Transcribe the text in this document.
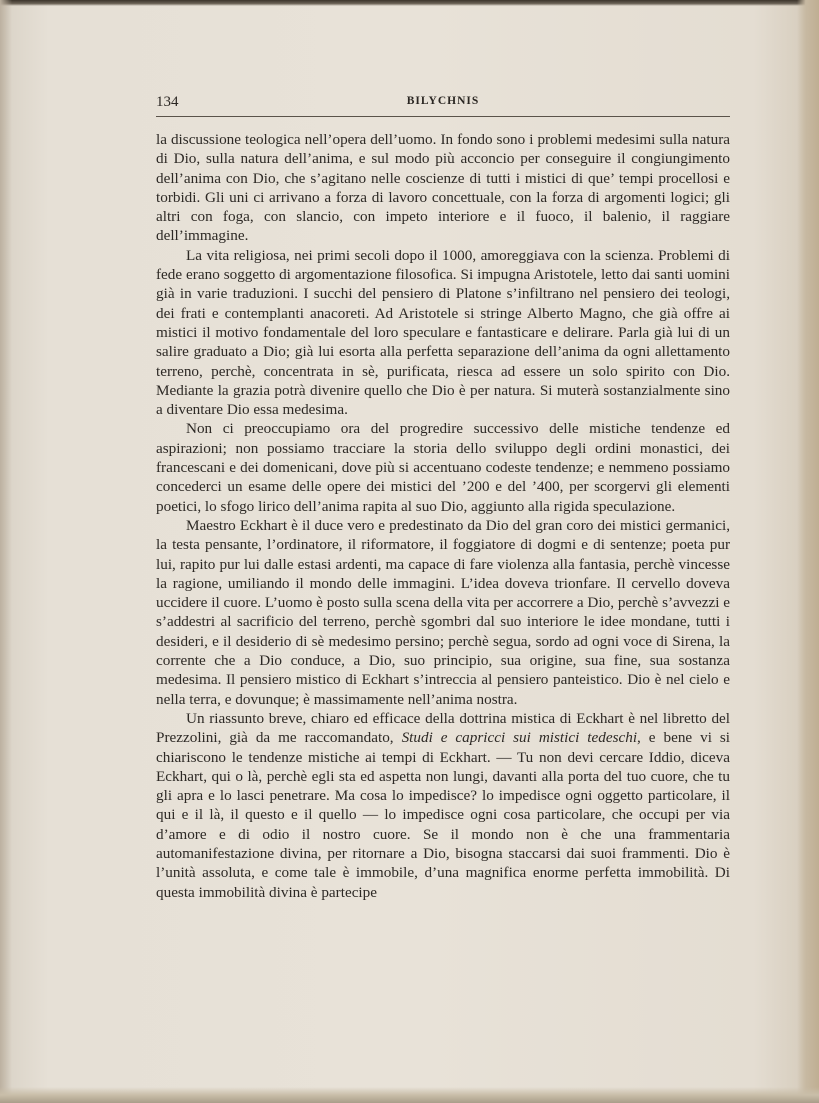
134	BILYCHNIS

la discussione teologica nell’opera dell’uomo. In fondo sono i problemi medesimi sulla natura di Dio, sulla natura dell’anima, e sul modo più acconcio per conseguire il congiungimento dell’anima con Dio, che s’agitano nelle coscienze di tutti i mistici di que’ tempi procellosi e torbidi. Gli uni ci arrivano a forza di lavoro concettuale, con la forza di argomenti logici; gli altri con foga, con slancio, con impeto interiore e il fuoco, il balenio, il raggiare dell’immagine.

La vita religiosa, nei primi secoli dopo il 1000, amoreggiava con la scienza. Problemi di fede erano soggetto di argomentazione filosofica. Si impugna Aristotele, letto dai santi uomini già in varie traduzioni. I succhi del pensiero di Platone s’infiltrano nel pensiero dei teologi, dei frati e contemplanti anacoreti. Ad Aristotele si stringe Alberto Magno, che già offre ai mistici il motivo fondamentale del loro speculare e fantasticare e delirare. Parla già lui di un salire graduato a Dio; già lui esorta alla perfetta separazione dell’anima da ogni allettamento terreno, perchè, concentrata in sè, purificata, riesca ad essere un solo spirito con Dio. Mediante la grazia potrà divenire quello che Dio è per natura. Si muterà sostanzialmente sino a diventare Dio essa medesima.

Non ci preoccupiamo ora del progredire successivo delle mistiche tendenze ed aspirazioni; non possiamo tracciare la storia dello sviluppo degli ordini monastici, dei francescani e dei domenicani, dove più si accentuano codeste tendenze; e nemmeno possiamo concederci un esame delle opere dei mistici del ’200 e del ’400, per scorgervi gli elementi poetici, lo sfogo lirico dell’anima rapita al suo Dio, aggiunto alla rigida speculazione.

Maestro Eckhart è il duce vero e predestinato da Dio del gran coro dei mistici germanici, la testa pensante, l’ordinatore, il riformatore, il foggiatore di dogmi e di sentenze; poeta pur lui, rapito pur lui dalle estasi ardenti, ma capace di fare violenza alla fantasia, perchè vincesse la ragione, umiliando il mondo delle immagini. L’idea doveva trionfare. Il cervello doveva uccidere il cuore. L’uomo è posto sulla scena della vita per accorrere a Dio, perchè s’avvezzi e s’addestri al sacrificio del terreno, perchè sgombri dal suo interiore le idee mondane, tutti i desideri, e il desiderio di sè medesimo persino; perchè segua, sordo ad ogni voce di Sirena, la corrente che a Dio conduce, a Dio, suo principio, sua origine, sua fine, sua sostanza medesima. Il pensiero mistico di Eckhart s’intreccia al pensiero panteistico. Dio è nel cielo e nella terra, e dovunque; è massimamente nell’anima nostra.

Un riassunto breve, chiaro ed efficace della dottrina mistica di Eckhart è nel libretto del Prezzolini, già da me raccomandato, Studi e capricci sui mistici tedeschi, e bene vi si chiariscono le tendenze mistiche ai tempi di Eckhart. — Tu non devi cercare Iddio, diceva Eckhart, qui o là, perchè egli sta ed aspetta non lungi, davanti alla porta del tuo cuore, che tu gli apra e lo lasci penetrare. Ma cosa lo impedisce? lo impedisce ogni oggetto particolare, il qui e il là, il questo e il quello — lo impedisce ogni cosa particolare, che occupi per via d’amore e di odio il nostro cuore. Se il mondo non è che una frammentaria automanifestazione divina, per ritornare a Dio, bisogna staccarsi dai suoi frammenti. Dio è l’unità assoluta, e come tale è immobile, d’una magnifica enorme perfetta immobilità. Di questa immobilità divina è partecipe
